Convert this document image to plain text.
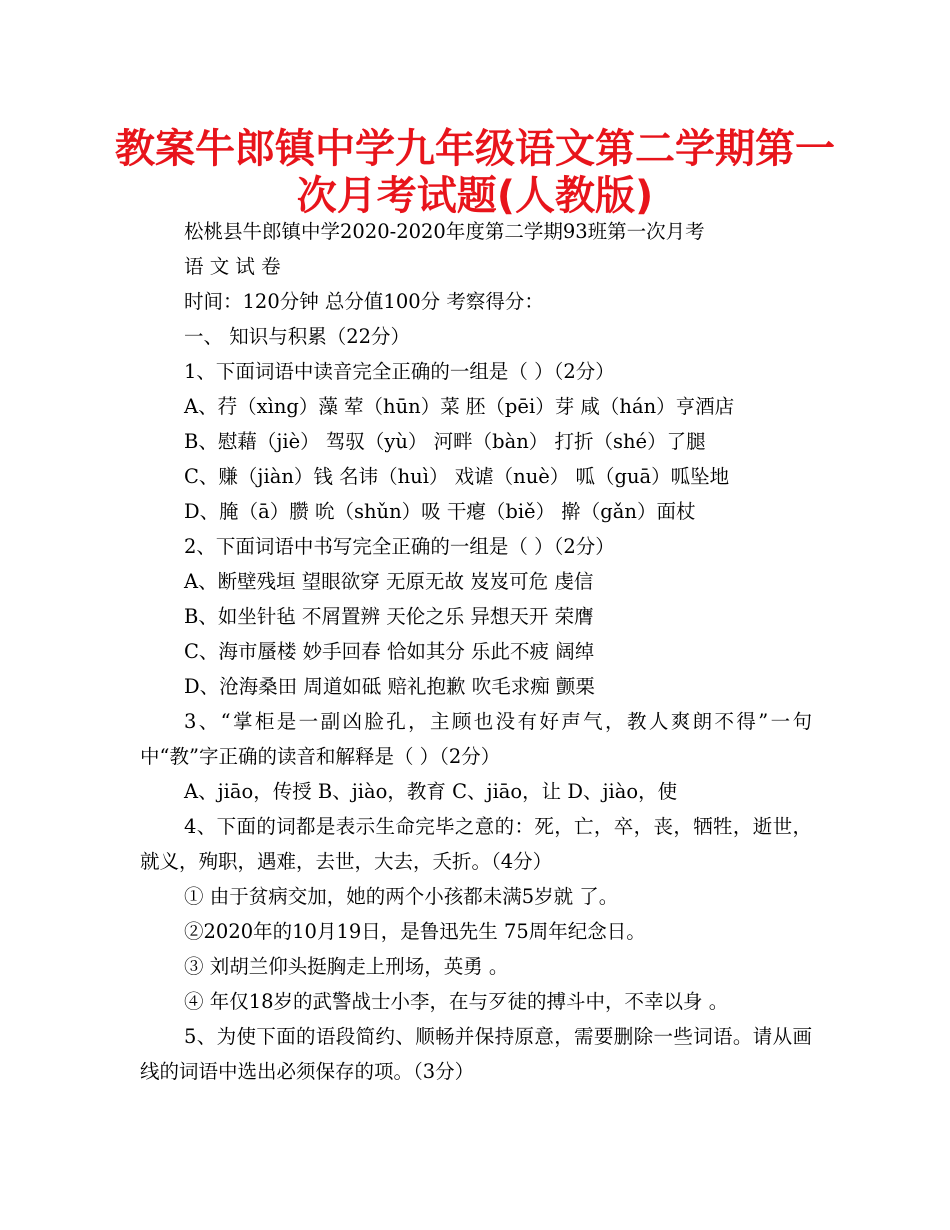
教案牛郎镇中学九年级语文第二学期第一
次月考试题(人教版)

松桃县牛郎镇中学2020-2020年度第二学期93班第一次月考

语 文 试 卷

时间：120分钟 总分值100分 考察得分：

一、 知识与积累（22分）

1、下面词语中读音完全正确的一组是（ ）（2分）

A、荇（xìng）藻 荤（hūn）菜 胚（pēi）芽 咸（hán）亨酒店

B、慰藉（jiè） 驾驭（yù） 河畔（bàn） 打折（shé）了腿

C、赚（jiàn）钱 名讳（huì） 戏谑（nuè） 呱（guā）呱坠地

D、腌（ā）臜 吮（shǔn）吸 干瘪（biě） 擀（gǎn）面杖

2、下面词语中书写完全正确的一组是（ ）（2分）

A、断壁残垣 望眼欲穿 无原无故 岌岌可危 虔信

B、如坐针毡 不屑置辨 天伦之乐 异想天开 荣膺

C、海市蜃楼 妙手回春 恰如其分 乐此不疲 阔绰

D、沧海桑田 周道如砥 赔礼抱歉 吹毛求痴 颤栗

3、“掌柜是一副凶脸孔，主顾也没有好声气，教人爽朗不得”一句中“教”字正确的读音和解释是（ ）（2分）

A、jiāo，传授 B、jiào，教育 C、jiāo，让 D、jiào，使

4、下面的词都是表示生命完毕之意的：死，亡，卒，丧，牺牲，逝世，就义，殉职，遇难，去世，大去，夭折。（4分）

① 由于贫病交加，她的两个小孩都未满5岁就 了。

②2020年的10月19日，是鲁迅先生 75周年纪念日。

③ 刘胡兰仰头挺胸走上刑场，英勇 。

④ 年仅18岁的武警战士小李，在与歹徒的搏斗中，不幸以身 。

5、为使下面的语段简约、顺畅并保持原意，需要删除一些词语。请从画线的词语中选出必须保存的项。（3分）
